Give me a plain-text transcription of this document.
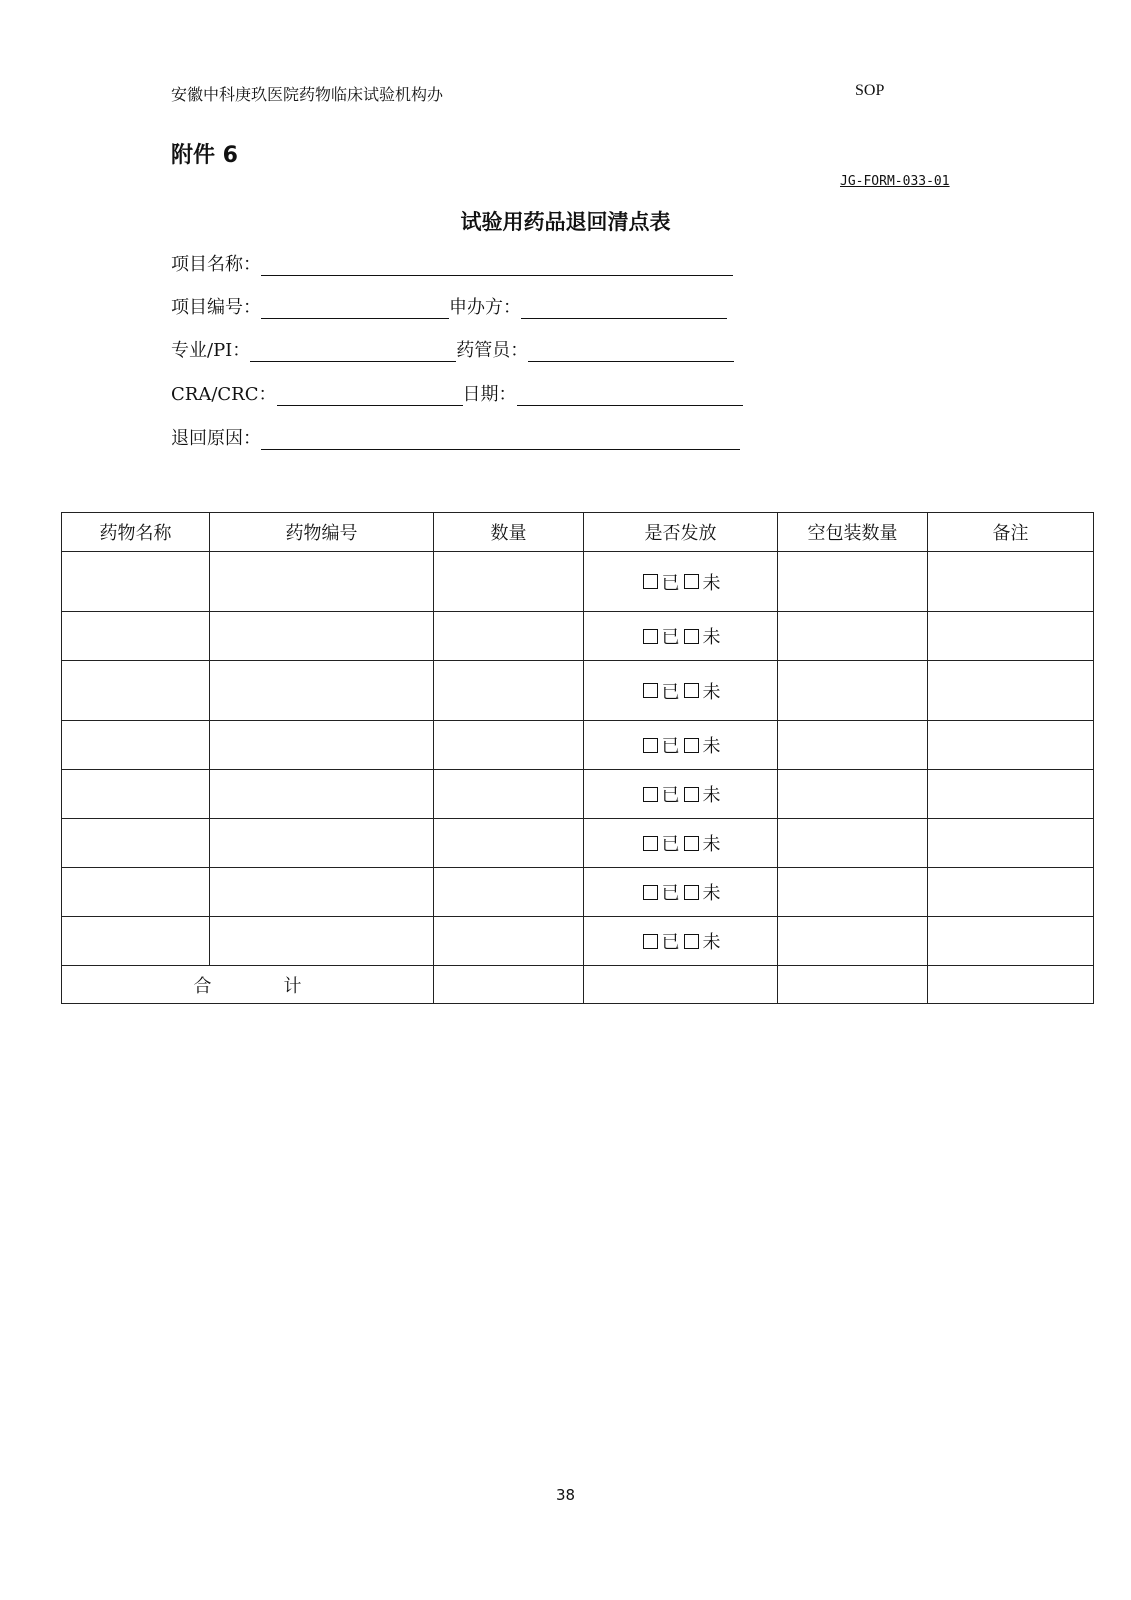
安徽中科庚玖医院药物临床试验机构办	SOP
附件 6
JG-FORM-033-01
试验用药品退回清点表
项目名称：
项目编号：	申办方：
专业/PI：	药管员：
CRA/CRC：	日期：
退回原因：
药物名称	药物编号	数量	是否发放	空包装数量	备注

			已 未		

			已 未		

			已 未		

			已 未		

			已 未		

			已 未		

			已 未		

			已 未		

合 计					
38
